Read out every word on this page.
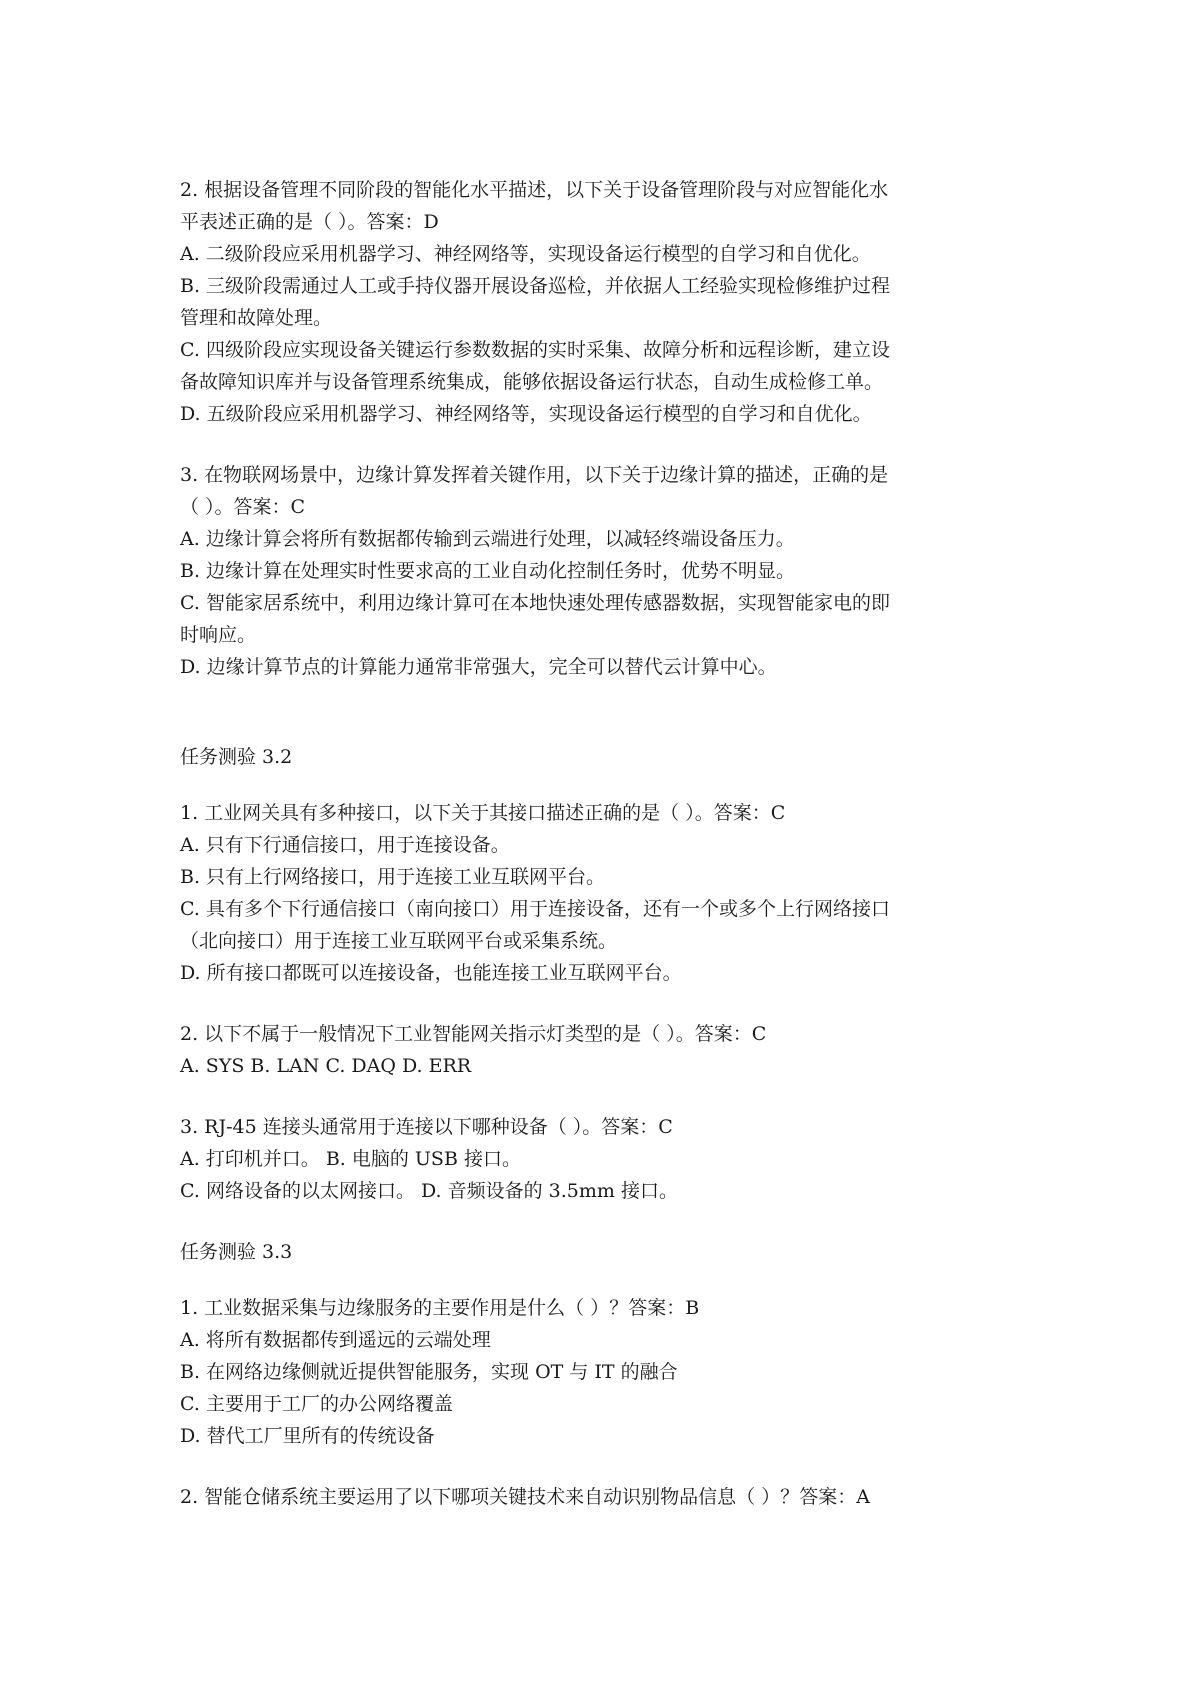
2. 根据设备管理不同阶段的智能化水平描述，以下关于设备管理阶段与对应智能化水
平表述正确的是（ ）。答案：D
A. 二级阶段应采用机器学习、神经网络等，实现设备运行模型的自学习和自优化。
B. 三级阶段需通过人工或手持仪器开展设备巡检，并依据人工经验实现检修维护过程
管理和故障处理。
C. 四级阶段应实现设备关键运行参数数据的实时采集、故障分析和远程诊断，建立设
备故障知识库并与设备管理系统集成，能够依据设备运行状态，自动生成检修工单。
D. 五级阶段应采用机器学习、神经网络等，实现设备运行模型的自学习和自优化。
3. 在物联网场景中，边缘计算发挥着关键作用，以下关于边缘计算的描述，正确的是
（ ）。答案：C
A. 边缘计算会将所有数据都传输到云端进行处理，以减轻终端设备压力。
B. 边缘计算在处理实时性要求高的工业自动化控制任务时，优势不明显。
C. 智能家居系统中，利用边缘计算可在本地快速处理传感器数据，实现智能家电的即
时响应。
D. 边缘计算节点的计算能力通常非常强大，完全可以替代云计算中心。
任务测验 3.2
1. 工业网关具有多种接口，以下关于其接口描述正确的是（ ）。答案：C
A. 只有下行通信接口，用于连接设备。
B. 只有上行网络接口，用于连接工业互联网平台。
C. 具有多个下行通信接口（南向接口）用于连接设备，还有一个或多个上行网络接口
（北向接口）用于连接工业互联网平台或采集系统。
D. 所有接口都既可以连接设备，也能连接工业互联网平台。
2. 以下不属于一般情况下工业智能网关指示灯类型的是（ ）。答案：C
A. SYS B. LAN C. DAQ D. ERR
3. RJ-45 连接头通常用于连接以下哪种设备（ ）。答案：C
A. 打印机并口。 B. 电脑的 USB 接口。
C. 网络设备的以太网接口。 D. 音频设备的 3.5mm 接口。
任务测验 3.3
1. 工业数据采集与边缘服务的主要作用是什么（ ）？答案：B
A. 将所有数据都传到遥远的云端处理
B. 在网络边缘侧就近提供智能服务，实现 OT 与 IT 的融合
C. 主要用于工厂的办公网络覆盖
D. 替代工厂里所有的传统设备
2. 智能仓储系统主要运用了以下哪项关键技术来自动识别物品信息（ ）？答案：A
